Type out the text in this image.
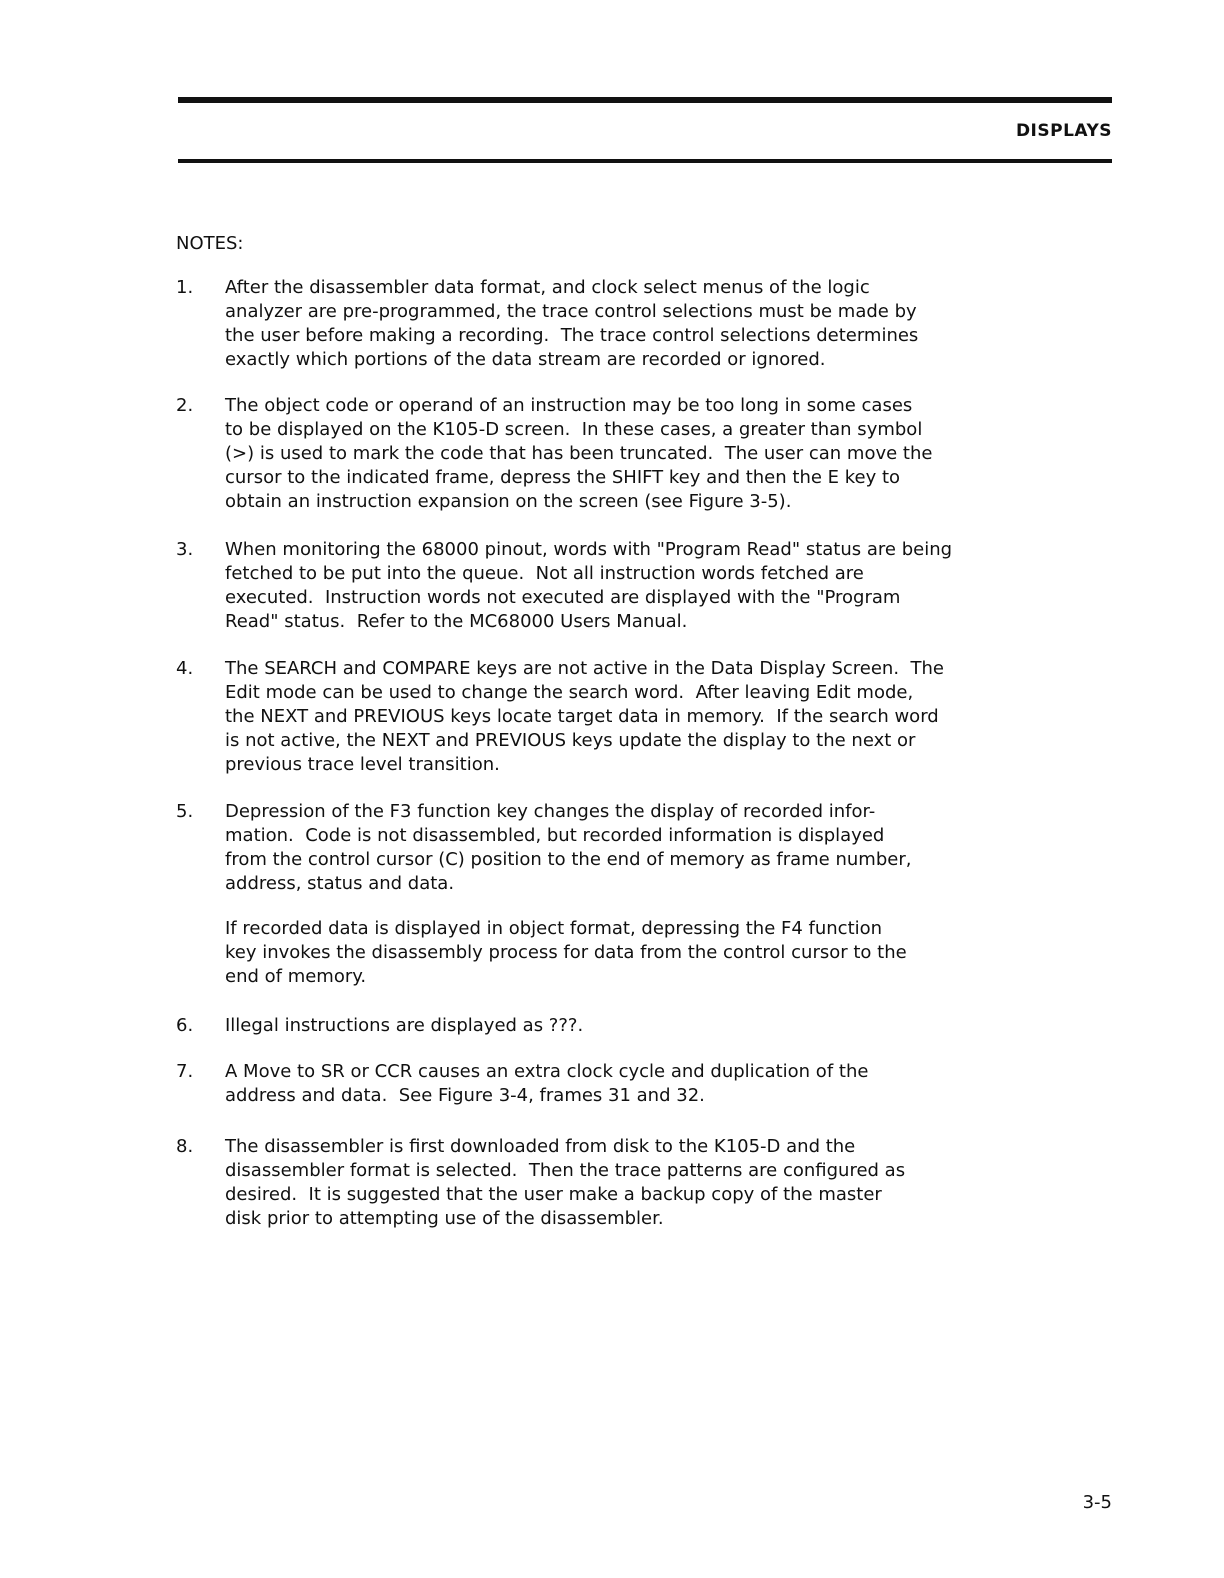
DISPLAYS
NOTES:
1.	After the disassembler data format, and clock select menus of the logic
analyzer are pre-programmed, the trace control selections must be made by
the user before making a recording.  The trace control selections determines
exactly which portions of the data stream are recorded or ignored.
2.	The object code or operand of an instruction may be too long in some cases
to be displayed on the K105-D screen.  In these cases, a greater than symbol
(>) is used to mark the code that has been truncated.  The user can move the
cursor to the indicated frame, depress the SHIFT key and then the E key to
obtain an instruction expansion on the screen (see Figure 3-5).
3.	When monitoring the 68000 pinout, words with "Program Read" status are being
fetched to be put into the queue.  Not all instruction words fetched are
executed.  Instruction words not executed are displayed with the "Program
Read" status.  Refer to the MC68000 Users Manual.
4.	The SEARCH and COMPARE keys are not active in the Data Display Screen.  The
Edit mode can be used to change the search word.  After leaving Edit mode,
the NEXT and PREVIOUS keys locate target data in memory.  If the search word
is not active, the NEXT and PREVIOUS keys update the display to the next or
previous trace level transition.
5.	Depression of the F3 function key changes the display of recorded infor-
mation.  Code is not disassembled, but recorded information is displayed
from the control cursor (C) position to the end of memory as frame number,
address, status and data.
If recorded data is displayed in object format, depressing the F4 function
key invokes the disassembly process for data from the control cursor to the
end of memory.
6.	Illegal instructions are displayed as ???.
7.	A Move to SR or CCR causes an extra clock cycle and duplication of the
address and data.  See Figure 3-4, frames 31 and 32.
8.	The disassembler is first downloaded from disk to the K105-D and the
disassembler format is selected.  Then the trace patterns are configured as
desired.  It is suggested that the user make a backup copy of the master
disk prior to attempting use of the disassembler.
3-5
